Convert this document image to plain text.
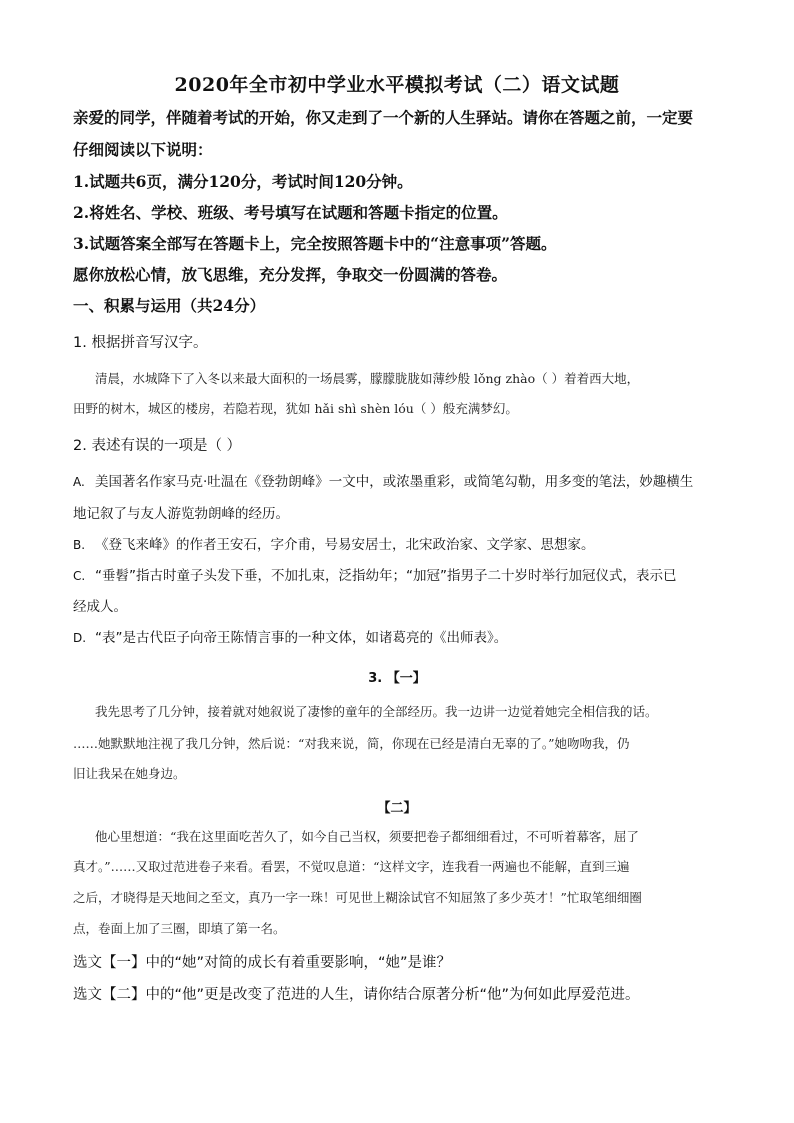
2020年全市初中学业水平模拟考试（二）语文试题
亲爱的同学，伴随着考试的开始，你又走到了一个新的人生驿站。请你在答题之前，一定要
仔细阅读以下说明：
1.试题共6页，满分120分，考试时间120分钟。
2.将姓名、学校、班级、考号填写在试题和答题卡指定的位置。
3.试题答案全部写在答题卡上，完全按照答题卡中的“注意事项”答题。
愿你放松心情，放飞思维，充分发挥，争取交一份圆满的答卷。
一、积累与运用（共24分）
1. 根据拼音写汉字。
清晨，水城降下了入冬以来最大面积的一场晨雾，朦朦胧胧如薄纱般 lǒng zhào（ ）着着西大地，
田野的树木，城区的楼房，若隐若现，犹如 hǎi shì shèn lóu（ ）般充满梦幻。
2. 表述有误的一项是（ ）
A. 美国著名作家马克·吐温在《登勃朗峰》一文中，或浓墨重彩，或简笔勾勒，用多变的笔法，妙趣横生
地记叙了与友人游览勃朗峰的经历。
B. 《登飞来峰》的作者王安石，字介甫，号易安居士，北宋政治家、文学家、思想家。
C. “垂髫”指古时童子头发下垂，不加扎束，泛指幼年；“加冠”指男子二十岁时举行加冠仪式，表示已
经成人。
D. “表”是古代臣子向帝王陈情言事的一种文体，如诸葛亮的《出师表》。
3. 【一】
我先思考了几分钟，接着就对她叙说了凄惨的童年的全部经历。我一边讲一边觉着她完全相信我的话。
……她默默地注视了我几分钟，然后说：“对我来说，简，你现在已经是清白无辜的了。”她吻吻我，仍
旧让我呆在她身边。
【二】
他心里想道：“我在这里面吃苦久了，如今自己当权，须要把卷子都细细看过，不可听着幕客，屈了
真才。”……又取过范进卷子来看。看罢，不觉叹息道：“这样文字，连我看一两遍也不能解，直到三遍
之后，才晓得是天地间之至文，真乃一字一珠！可见世上糊涂试官不知屈煞了多少英才！”忙取笔细细圈
点，卷面上加了三圈，即填了第一名。
选文【一】中的“她”对简的成长有着重要影响，“她”是谁？
选文【二】中的“他”更是改变了范进的人生，请你结合原著分析“他”为何如此厚爱范进。
